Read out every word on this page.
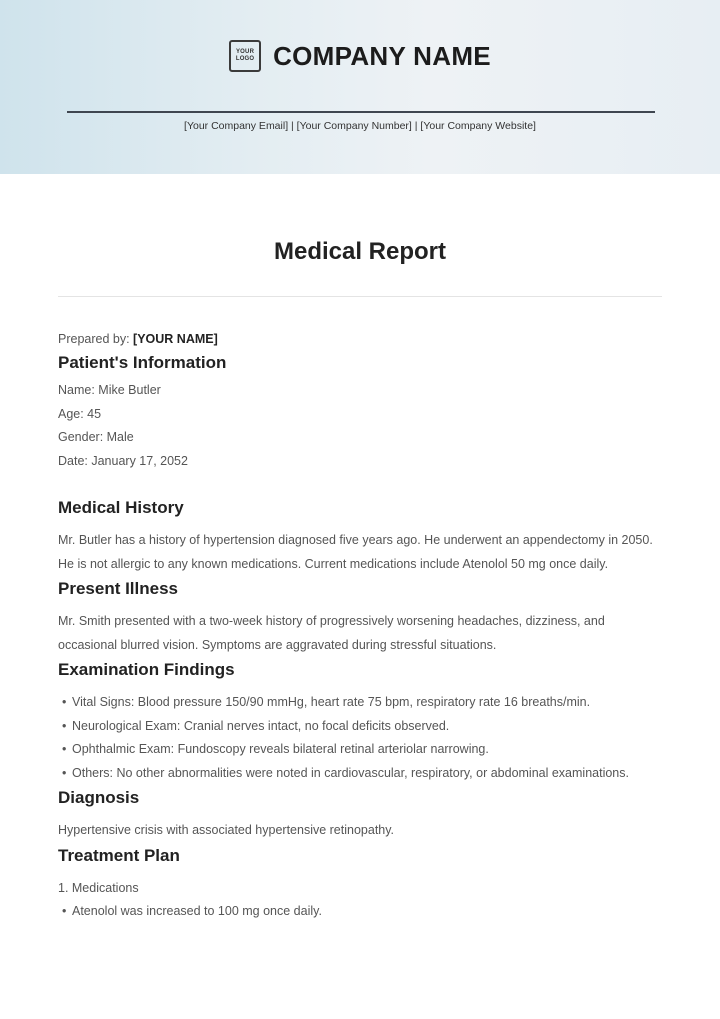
YOUR
LOGO COMPANY NAME
[Your Company Email] | [Your Company Number] | [Your Company Website]
Medical Report
Prepared by: [YOUR NAME]
Patient's Information
Name: Mike Butler
Age: 45
Gender: Male
Date: January 17, 2052
Medical History

Mr. Butler has a history of hypertension diagnosed five years ago. He underwent an appendectomy in 2050. He is not allergic to any known medications. Current medications include Atenolol 50 mg once daily.

Present Illness

Mr. Smith presented with a two-week history of progressively worsening headaches, dizziness, and occasional blurred vision. Symptoms are aggravated during stressful situations.

Examination Findings
• Vital Signs: Blood pressure 150/90 mmHg, heart rate 75 bpm, respiratory rate 16 breaths/min.
• Neurological Exam: Cranial nerves intact, no focal deficits observed.
• Ophthalmic Exam: Fundoscopy reveals bilateral retinal arteriolar narrowing.
• Others: No other abnormalities were noted in cardiovascular, respiratory, or abdominal examinations.
Diagnosis

Hypertensive crisis with associated hypertensive retinopathy.

Treatment Plan
1. Medications
• Atenolol was increased to 100 mg once daily.
